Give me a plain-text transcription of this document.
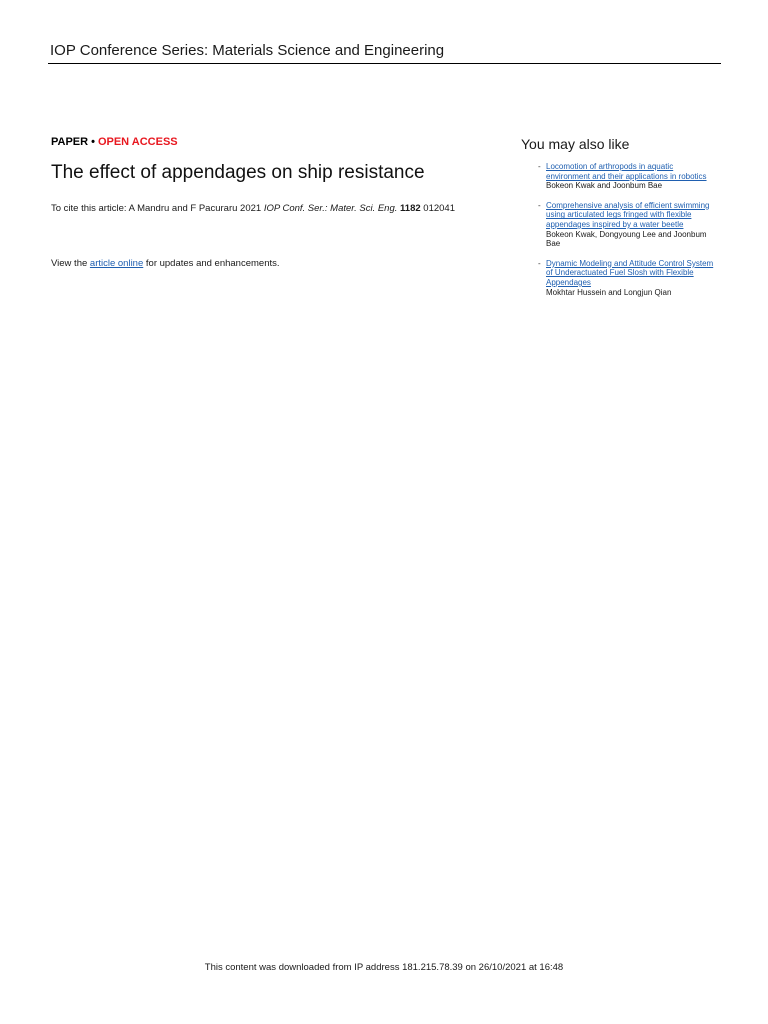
IOP Conference Series: Materials Science and Engineering
PAPER • OPEN ACCESS
The effect of appendages on ship resistance
To cite this article: A Mandru and F Pacuraru 2021 IOP Conf. Ser.: Mater. Sci. Eng. 1182 012041
View the article online for updates and enhancements.
You may also like
- Locomotion of arthropods in aquatic environment and their applications in robotics
Bokeon Kwak and Joonbum Bae
- Comprehensive analysis of efficient swimming using articulated legs fringed with flexible appendages inspired by a water beetle
Bokeon Kwak, Dongyoung Lee and Joonbum Bae
- Dynamic Modeling and Attitude Control System of Underactuated Fuel Slosh with Flexible Appendages
Mokhtar Hussein and Longjun Qian
This content was downloaded from IP address 181.215.78.39 on 26/10/2021 at 16:48
